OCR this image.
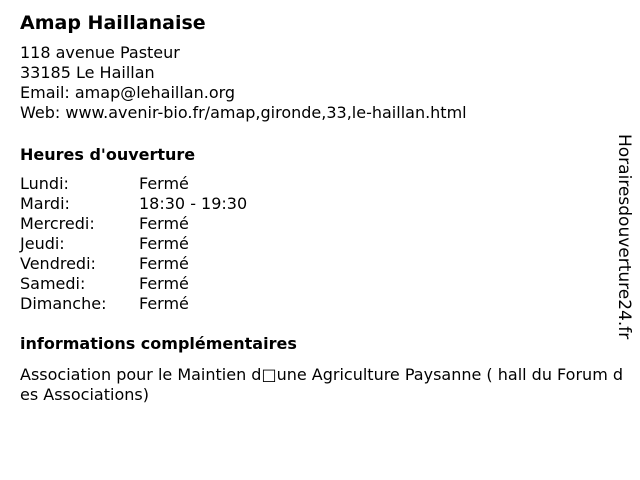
Amap Haillanaise
118 avenue Pasteur
33185 Le Haillan
Email: amap@lehaillan.org
Web: www.avenir-bio.fr/amap,gironde,33,le-haillan.html
Heures d'ouverture
Lundi:	Fermé
Mardi:	18:30 - 19:30
Mercredi:	Fermé
Jeudi:	Fermé
Vendredi:	Fermé
Samedi:	Fermé
Dimanche: Fermé
informations complémentaires
Association pour le Maintien d□une Agriculture Paysanne ( hall du Forum des Associations)
Horairesdouverture24.fr
